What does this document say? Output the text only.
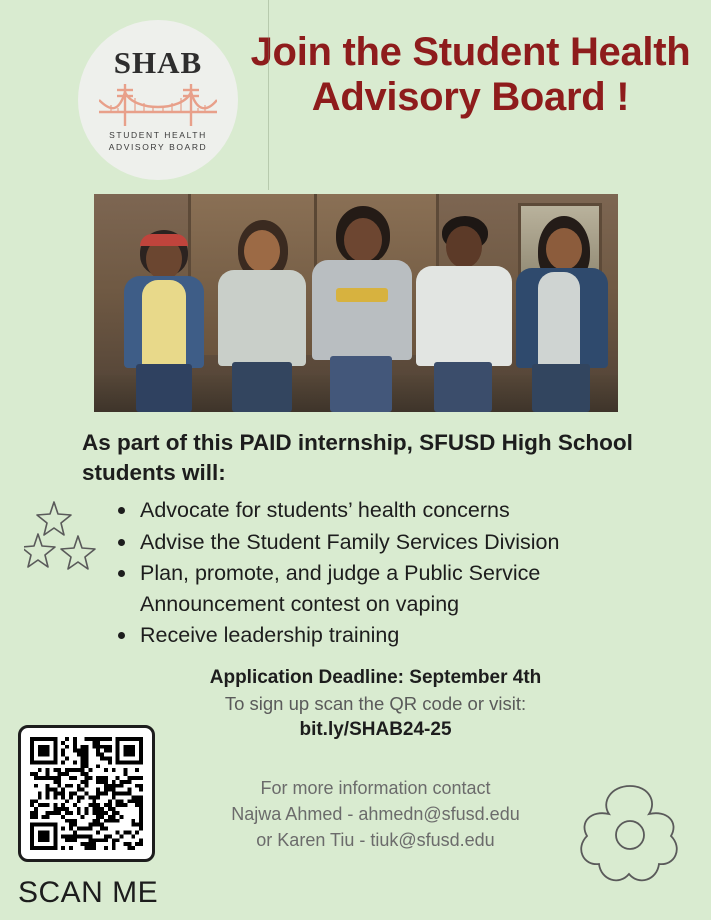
SHAB
STUDENT HEALTH
ADVISORY BOARD
Join the Student Health Advisory Board !

As part of this PAID internship, SFUSD High School students will:

Advocate for students’ health concerns
Advise the Student Family Services Division
Plan, promote, and judge a Public Service Announcement contest on vaping
Receive leadership training
Application Deadline: September 4th
To sign up scan the QR code or visit:
bit.ly/SHAB24-25
For more information contact
Najwa Ahmed - ahmedn@sfusd.edu
or Karen Tiu - tiuk@sfusd.edu
SCAN ME
